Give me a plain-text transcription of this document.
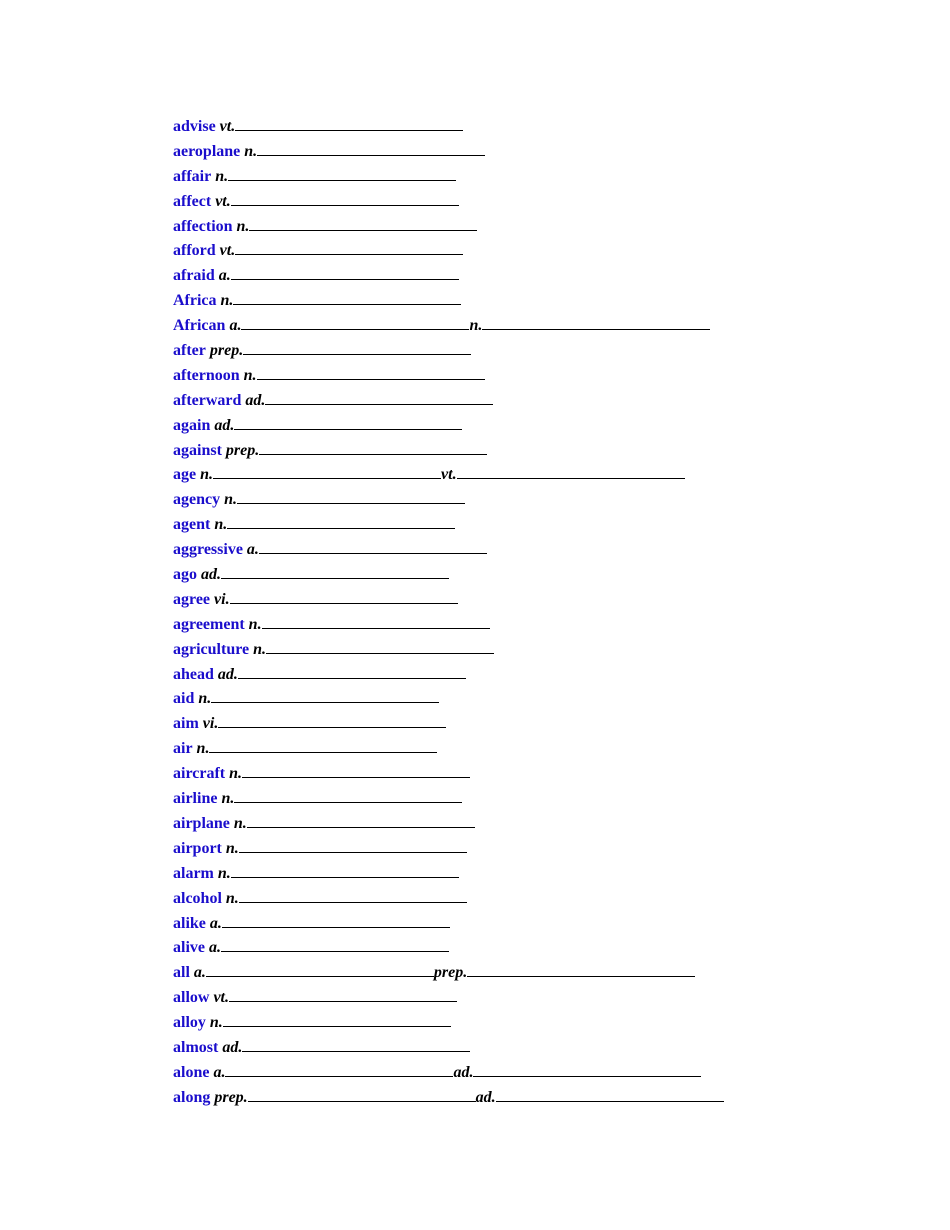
advise vt.
aeroplane n.
affair n.
affect vt.
affection n.
afford vt.
afraid a.
Africa n.
African a.	n.
after prep.
afternoon n.
afterward ad.
again ad.
against prep.
age n.	vt.
agency n.
agent n.
aggressive a.
ago ad.
agree vi.
agreement n.
agriculture n.
ahead ad.
aid n.
aim vi.
air n.
aircraft n.
airline n.
airplane n.
airport n.
alarm n.
alcohol n.
alike a.
alive a.
all a.	prep.
allow vt.
alloy n.
almost ad.
alone a.	ad.
along prep.	ad.
